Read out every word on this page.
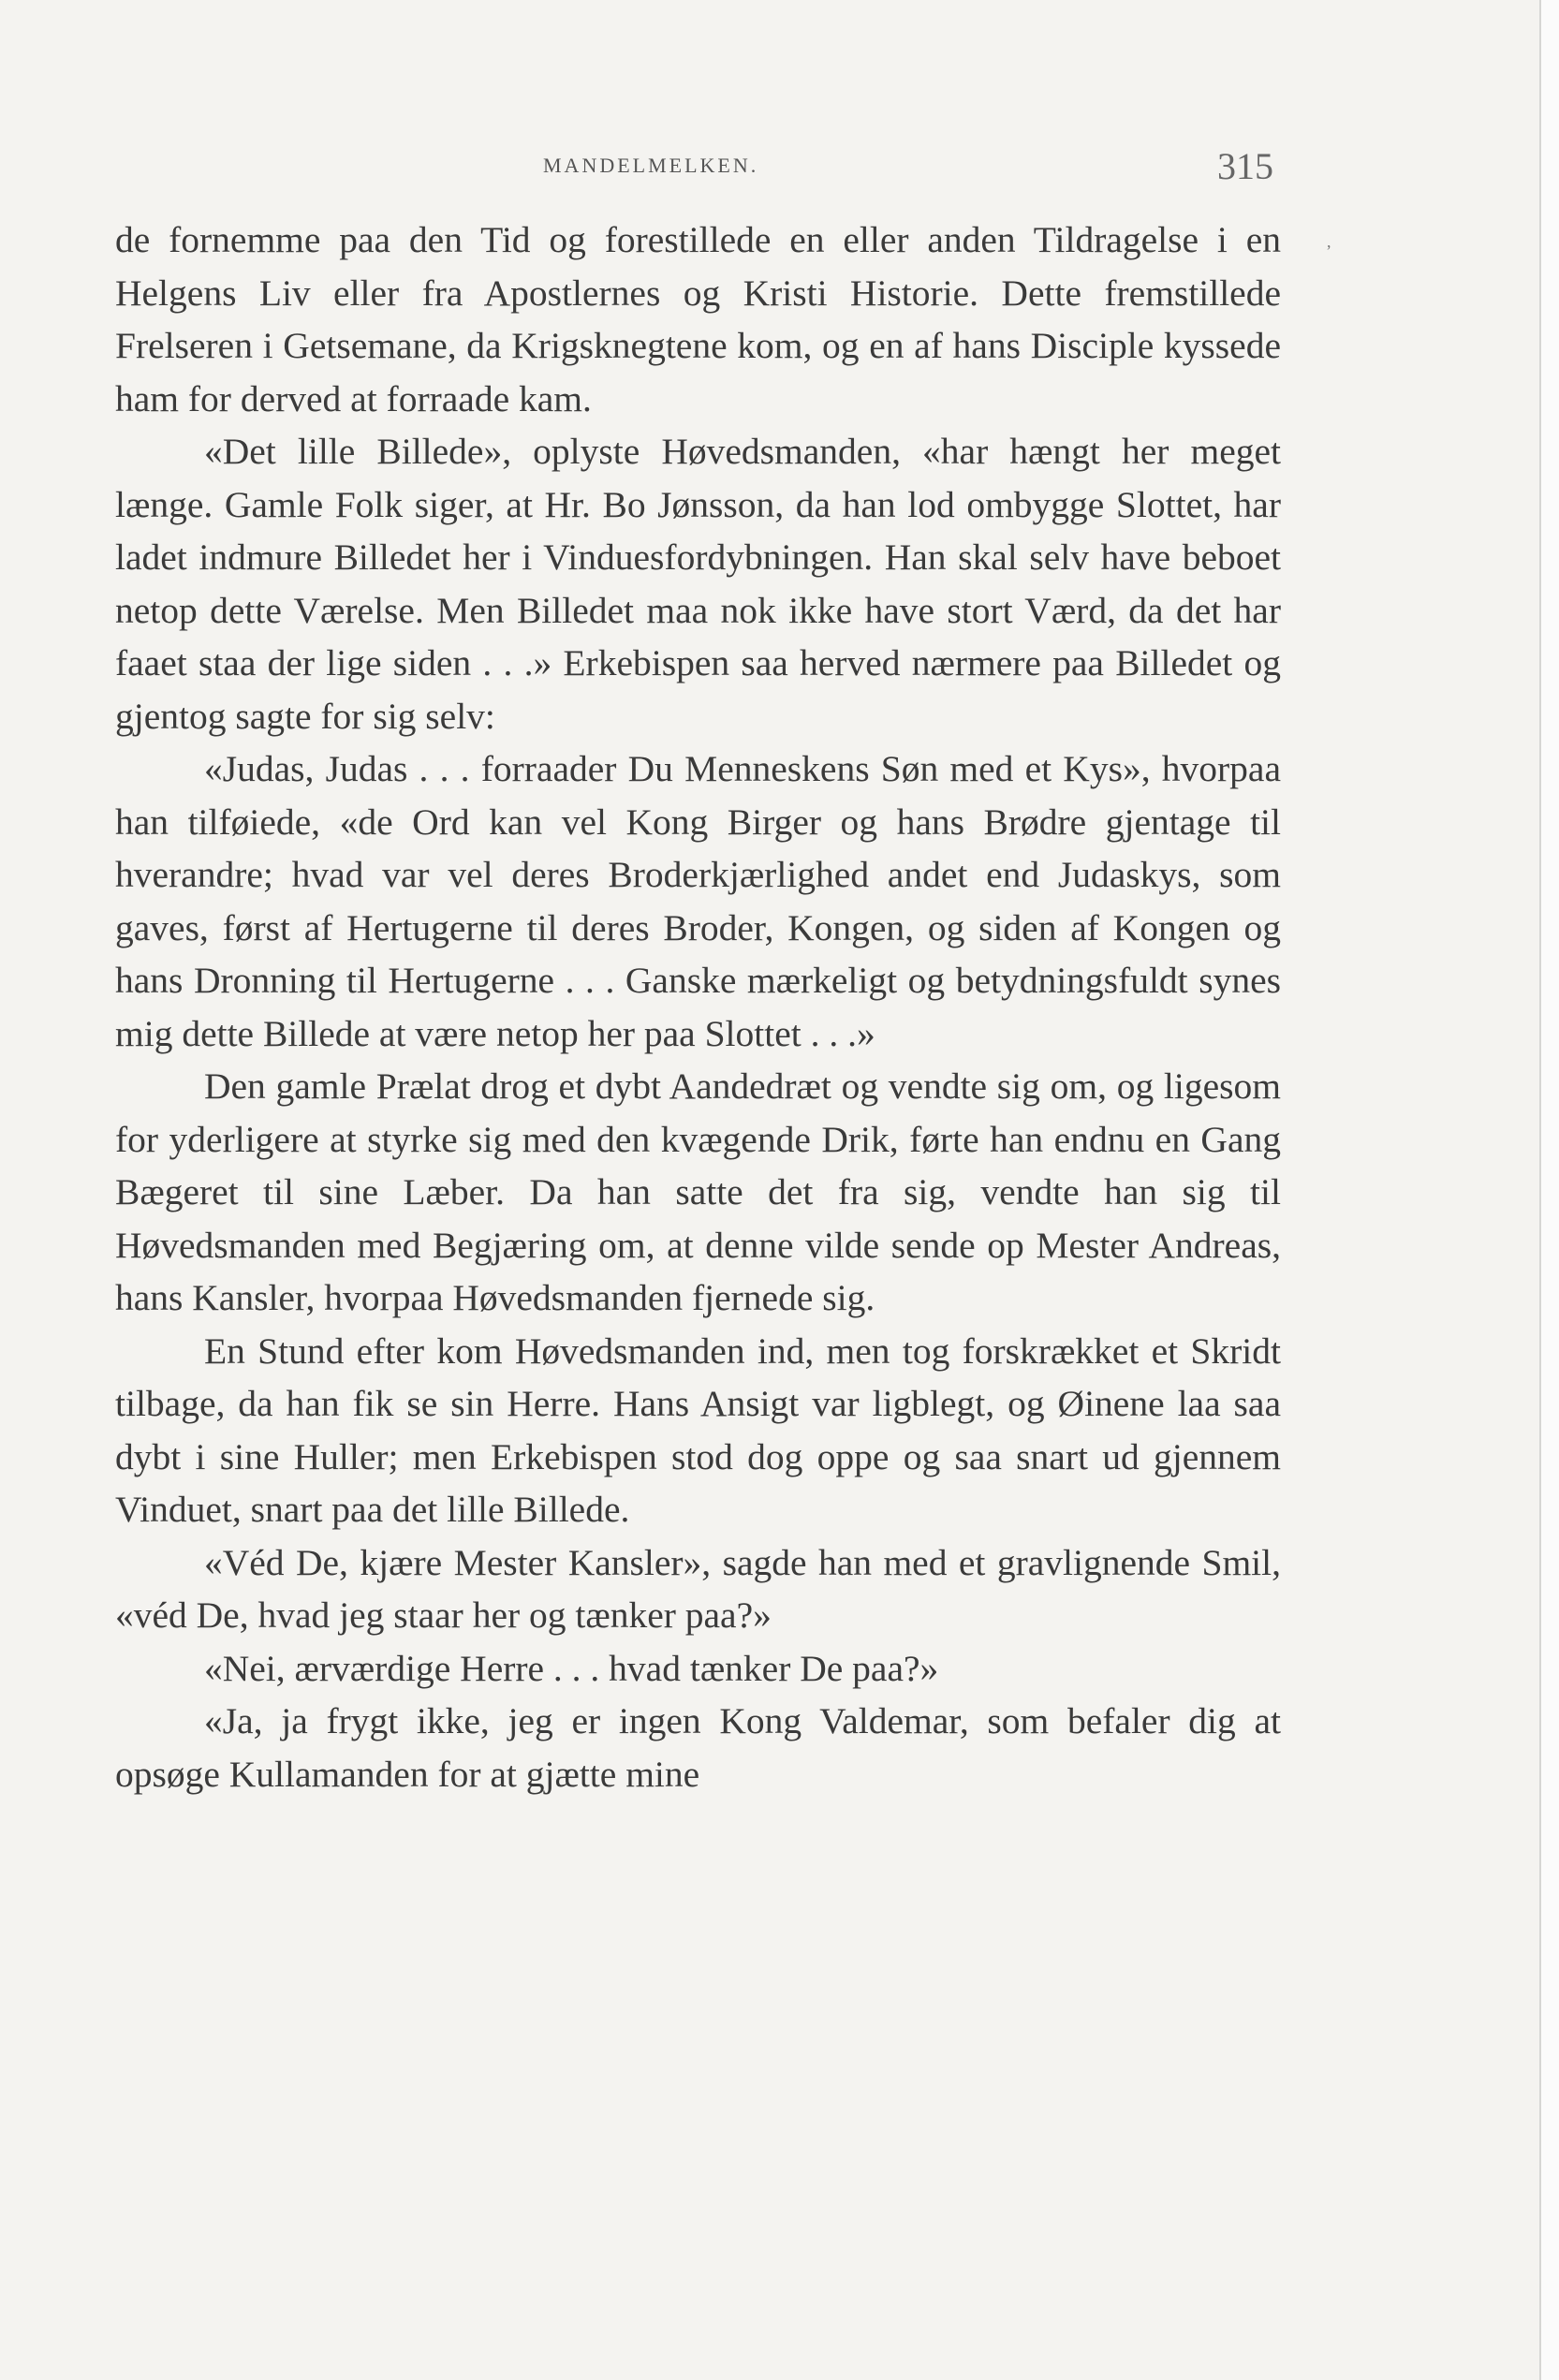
MANDELMELKEN.	315
,

de fornemme paa den Tid og forestillede en eller anden Tildragelse i en Helgens Liv eller fra Apostlernes og Kristi Historie. Dette fremstillede Frelseren i Getsemane, da Krigsknegtene kom, og en af hans Disciple kyssede ham for derved at forraade kam.

«Det lille Billede», oplyste Høvedsmanden, «har hængt her meget længe. Gamle Folk siger, at Hr. Bo Jønsson, da han lod ombygge Slottet, har ladet indmure Billedet her i Vinduesfordybningen. Han skal selv have beboet netop dette Værelse. Men Billedet maa nok ikke have stort Værd, da det har faaet staa der lige siden . . .» Erkebispen saa herved nærmere paa Billedet og gjentog sagte for sig selv:

«Judas, Judas . . . forraader Du Menneskens Søn med et Kys», hvorpaa han tilføiede, «de Ord kan vel Kong Birger og hans Brødre gjentage til hverandre; hvad var vel deres Broderkjærlighed andet end Judaskys, som gaves, først af Hertugerne til deres Broder, Kongen, og siden af Kongen og hans Dronning til Hertugerne . . . Ganske mærkeligt og betydningsfuldt synes mig dette Billede at være netop her paa Slottet . . .»

Den gamle Prælat drog et dybt Aandedræt og vendte sig om, og ligesom for yderligere at styrke sig med den kvægende Drik, førte han endnu en Gang Bægeret til sine Læber. Da han satte det fra sig, vendte han sig til Høvedsmanden med Begjæring om, at denne vilde sende op Mester Andreas, hans Kansler, hvorpaa Høvedsmanden fjernede sig.

En Stund efter kom Høvedsmanden ind, men tog forskrækket et Skridt tilbage, da han fik se sin Herre. Hans Ansigt var ligblegt, og Øinene laa saa dybt i sine Huller; men Erkebispen stod dog oppe og saa snart ud gjennem Vinduet, snart paa det lille Billede.

«Véd De, kjære Mester Kansler», sagde han med et gravlignende Smil, «véd De, hvad jeg staar her og tænker paa?»

«Nei, ærværdige Herre . . . hvad tænker De paa?»

«Ja, ja frygt ikke, jeg er ingen Kong Valdemar, som befaler dig at opsøge Kullamanden for at gjætte mine
